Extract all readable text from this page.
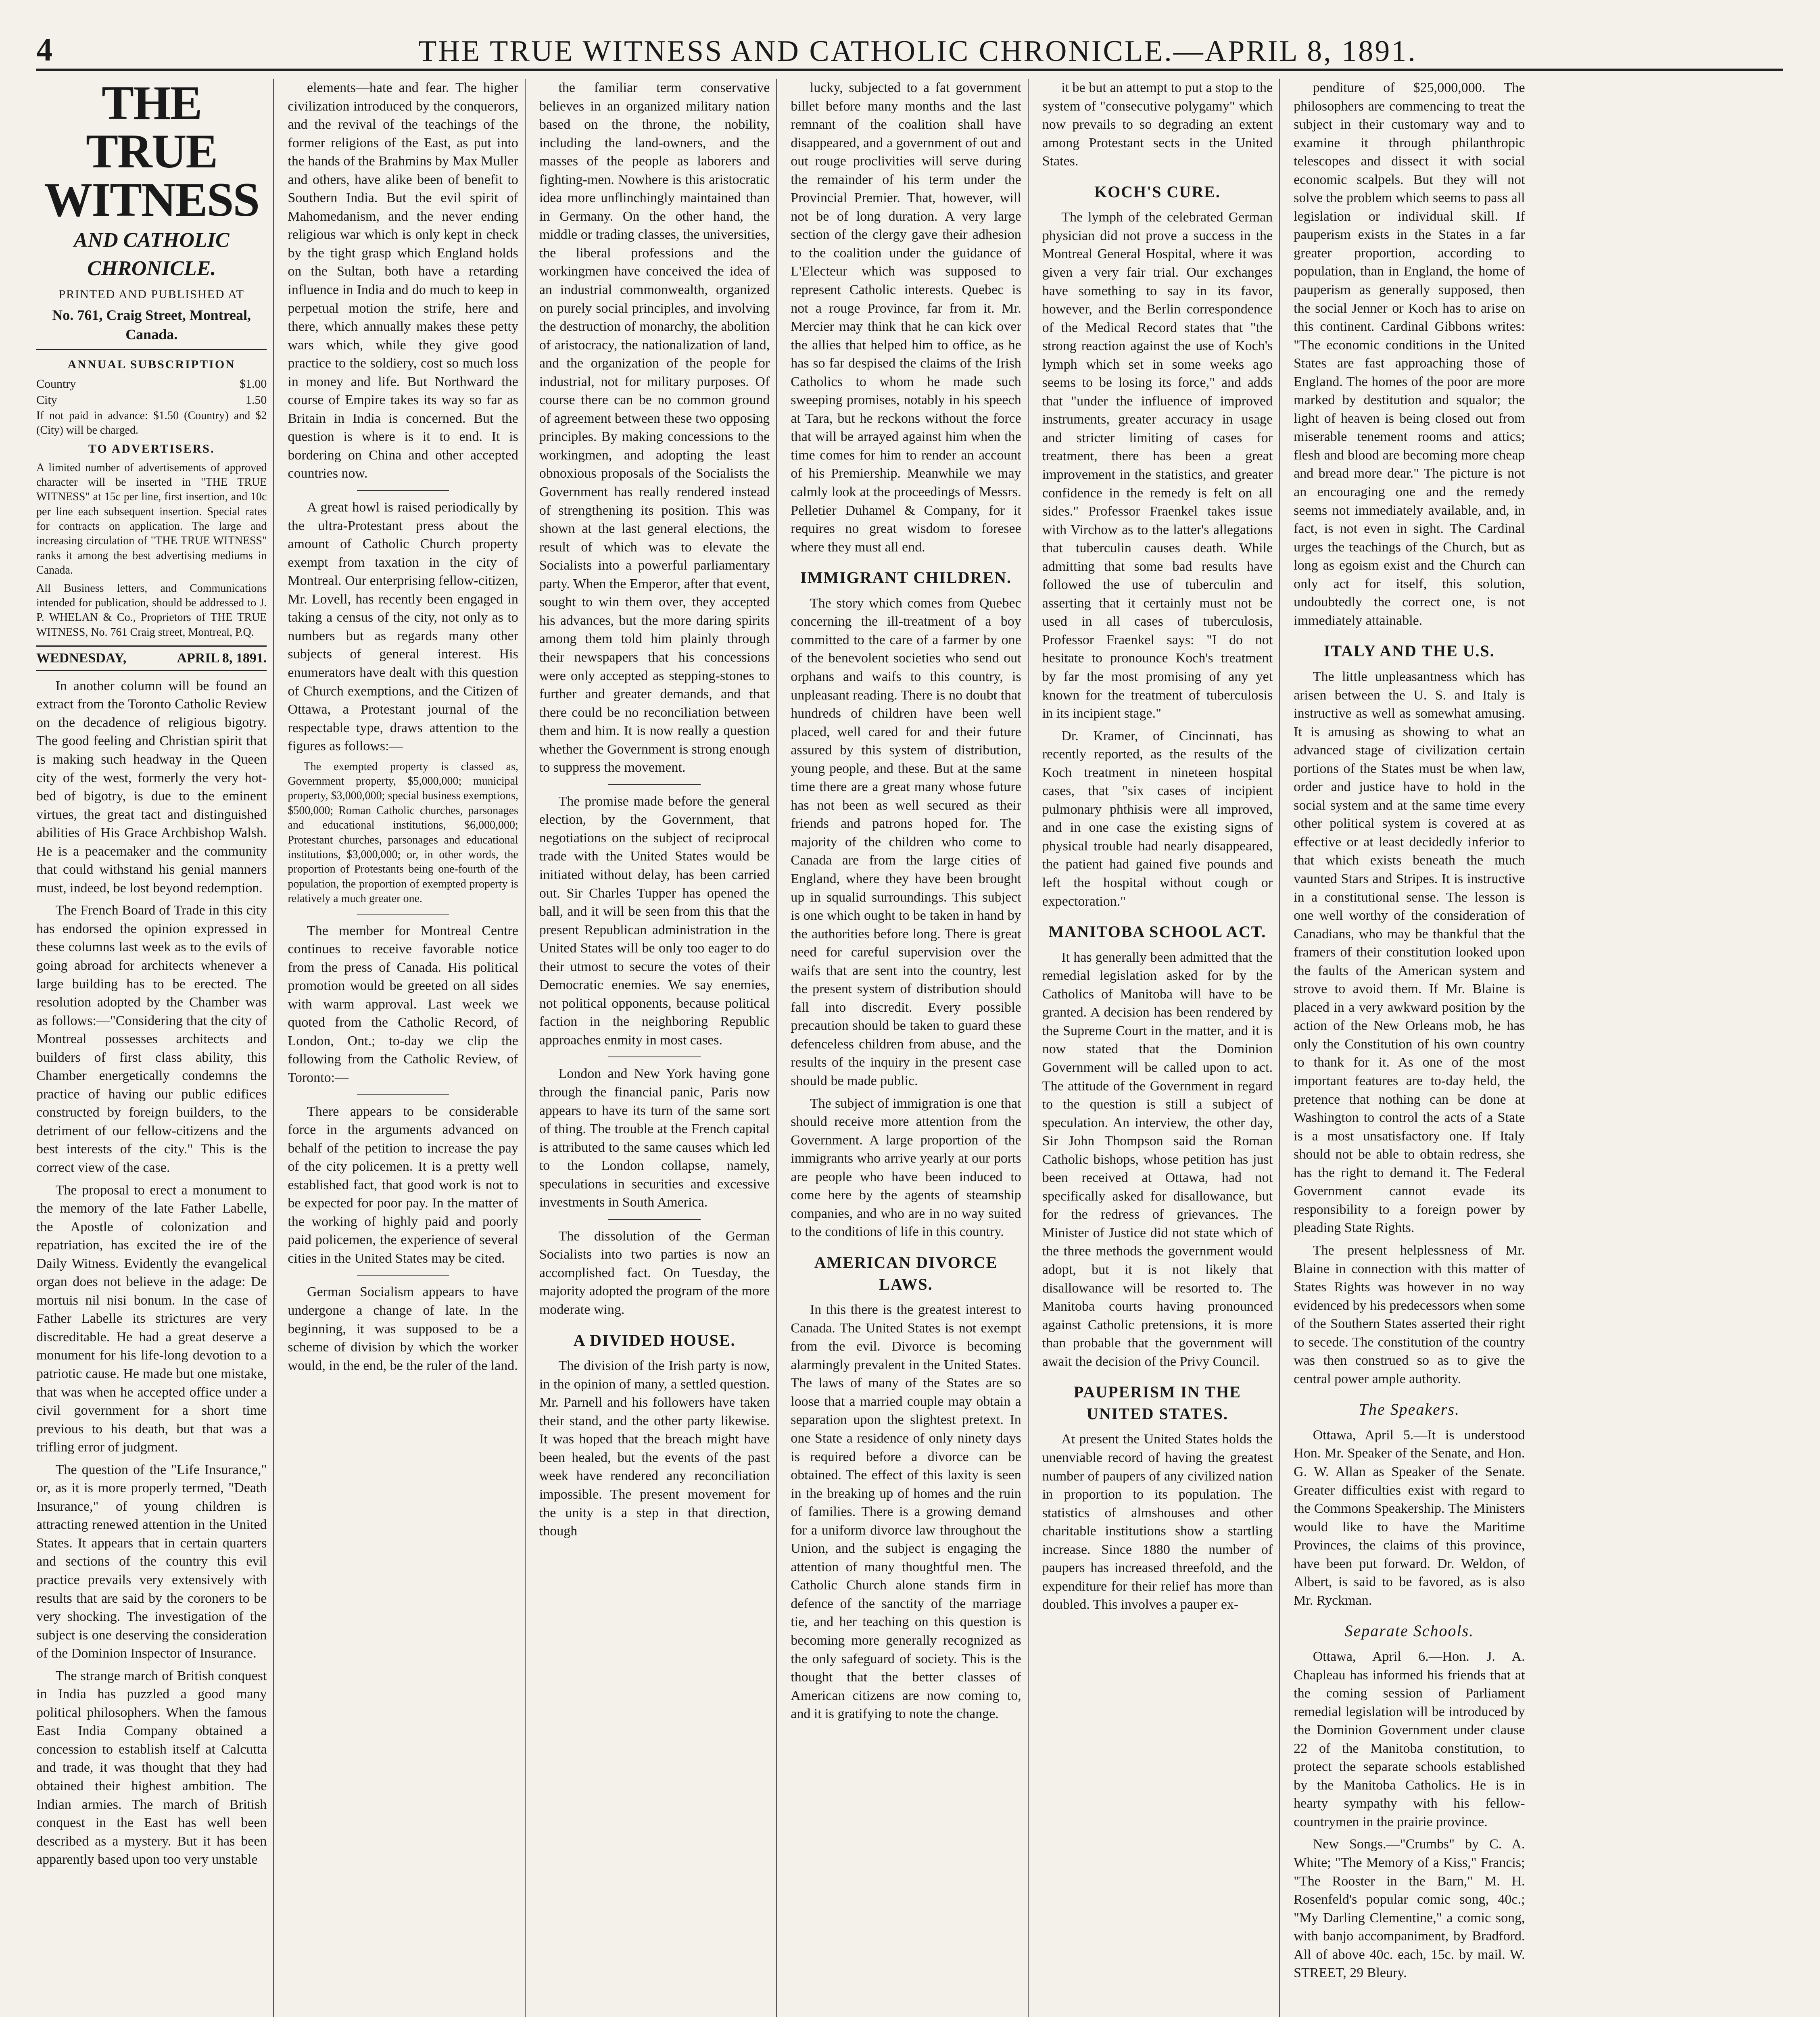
4	THE TRUE WITNESS AND CATHOLIC CHRONICLE.—APRIL 8, 1891.
THE TRUE WITNESS
AND CATHOLIC CHRONICLE.
PRINTED AND PUBLISHED AT
No. 761, Craig Street, Montreal, Canada.
ANNUAL SUBSCRIPTION
Country	$1.00
City	1.50
If not paid in advance: $1.50 (Country) and $2 (City) will be charged.
TO ADVERTISERS.
A limited number of advertisements of approved character will be inserted in "THE TRUE WITNESS" at 15c per line, first insertion, and 10c per line each subsequent insertion. Special rates for contracts on application. The large and increasing circulation of "THE TRUE WITNESS" ranks it among the best advertising mediums in Canada.
All Business letters, and Communications intended for publication, should be addressed to J. P. WHELAN & Co., Proprietors of THE TRUE WITNESS, No. 761 Craig street, Montreal, P.Q.
WEDNESDAY,	APRIL 8, 1891.

In another column will be found an extract from the Toronto Catholic Review on the decadence of religious bigotry. The good feeling and Christian spirit that is making such headway in the Queen city of the west, formerly the very hot-bed of bigotry, is due to the eminent virtues, the great tact and distinguished abilities of His Grace Archbishop Walsh. He is a peacemaker and the community that could withstand his genial manners must, indeed, be lost beyond redemption.

The French Board of Trade in this city has endorsed the opinion expressed in these columns last week as to the evils of going abroad for architects whenever a large building has to be erected. The resolution adopted by the Chamber was as follows:—"Considering that the city of Montreal possesses architects and builders of first class ability, this Chamber energetically condemns the practice of having our public edifices constructed by foreign builders, to the detriment of our fellow-citizens and the best interests of the city." This is the correct view of the case.

The proposal to erect a monument to the memory of the late Father Labelle, the Apostle of colonization and repatriation, has excited the ire of the Daily Witness. Evidently the evangelical organ does not believe in the adage: De mortuis nil nisi bonum. In the case of Father Labelle its strictures are very discreditable. He had a great deserve a monument for his life-long devotion to a patriotic cause. He made but one mistake, that was when he accepted office under a civil government for a short time previous to his death, but that was a trifling error of judgment.

The question of the "Life Insurance," or, as it is more properly termed, "Death Insurance," of young children is attracting renewed attention in the United States. It appears that in certain quarters and sections of the country this evil practice prevails very extensively with results that are said by the coroners to be very shocking. The investigation of the subject is one deserving the consideration of the Dominion Inspector of Insurance.

The strange march of British conquest in India has puzzled a good many political philosophers. When the famous East India Company obtained a concession to establish itself at Calcutta and trade, it was thought that they had obtained their highest ambition. The Indian armies. The march of British conquest in the East has well been described as a mystery. But it has been apparently based upon too very unstable

elements—hate and fear. The higher civilization introduced by the conquerors, and the revival of the teachings of the former religions of the East, as put into the hands of the Brahmins by Max Muller and others, have alike been of benefit to Southern India. But the evil spirit of Mahomedanism, and the never ending religious war which is only kept in check by the tight grasp which England holds on the Sultan, both have a retarding influence in India and do much to keep in perpetual motion the strife, here and there, which annually makes these petty wars which, while they give good practice to the soldiery, cost so much loss in money and life. But Northward the course of Empire takes its way so far as Britain in India is concerned. But the question is where is it to end. It is bordering on China and other accepted countries now.

A great howl is raised periodically by the ultra-Protestant press about the amount of Catholic Church property exempt from taxation in the city of Montreal. Our enterprising fellow-citizen, Mr. Lovell, has recently been engaged in taking a census of the city, not only as to numbers but as regards many other subjects of general interest. His enumerators have dealt with this question of Church exemptions, and the Citizen of Ottawa, a Protestant journal of the respectable type, draws attention to the figures as follows:—

The exempted property is classed as, Government property, $5,000,000; municipal property, $3,000,000; special business exemptions, $500,000; Roman Catholic churches, parsonages and educational institutions, $6,000,000; Protestant churches, parsonages and educational institutions, $3,000,000; or, in other words, the proportion of Protestants being one-fourth of the population, the proportion of exempted property is relatively a much greater one.

The member for Montreal Centre continues to receive favorable notice from the press of Canada. His political promotion would be greeted on all sides with warm approval. Last week we quoted from the Catholic Record, of London, Ont.; to-day we clip the following from the Catholic Review, of Toronto:—

There appears to be considerable force in the arguments advanced on behalf of the petition to increase the pay of the city policemen. It is a pretty well established fact, that good work is not to be expected for poor pay. In the matter of the working of highly paid and poorly paid policemen, the experience of several cities in the United States may be cited.

German Socialism appears to have undergone a change of late. In the beginning, it was supposed to be a scheme of division by which the worker would, in the end, be the ruler of the land.

the familiar term conservative believes in an organized military nation based on the throne, the nobility, including the land-owners, and the masses of the people as laborers and fighting-men. Nowhere is this aristocratic idea more unflinchingly maintained than in Germany. On the other hand, the middle or trading classes, the universities, the liberal professions and the workingmen have conceived the idea of an industrial commonwealth, organized on purely social principles, and involving the destruction of monarchy, the abolition of aristocracy, the nationalization of land, and the organization of the people for industrial, not for military purposes. Of course there can be no common ground of agreement between these two opposing principles. By making concessions to the workingmen, and adopting the least obnoxious proposals of the Socialists the Government has really rendered instead of strengthening its position. This was shown at the last general elections, the result of which was to elevate the Socialists into a powerful parliamentary party. When the Emperor, after that event, sought to win them over, they accepted his advances, but the more daring spirits among them told him plainly through their newspapers that his concessions were only accepted as stepping-stones to further and greater demands, and that there could be no reconciliation between them and him. It is now really a question whether the Government is strong enough to suppress the movement.

The promise made before the general election, by the Government, that negotiations on the subject of reciprocal trade with the United States would be initiated without delay, has been carried out. Sir Charles Tupper has opened the ball, and it will be seen from this that the present Republican administration in the United States will be only too eager to do their utmost to secure the votes of their Democratic enemies. We say enemies, not political opponents, because political faction in the neighboring Republic approaches enmity in most cases.

London and New York having gone through the financial panic, Paris now appears to have its turn of the same sort of thing. The trouble at the French capital is attributed to the same causes which led to the London collapse, namely, speculations in securities and excessive investments in South America.

The dissolution of the German Socialists into two parties is now an accomplished fact. On Tuesday, the majority adopted the program of the more moderate wing.

A DIVIDED HOUSE.

The division of the Irish party is now, in the opinion of many, a settled question. Mr. Parnell and his followers have taken their stand, and the other party likewise. It was hoped that the breach might have been healed, but the events of the past week have rendered any reconciliation impossible. The present movement for the unity is a step in that direction, though

lucky, subjected to a fat government billet before many months and the last remnant of the coalition shall have disappeared, and a government of out and out rouge proclivities will serve during the remainder of his term under the Provincial Premier. That, however, will not be of long duration. A very large section of the clergy gave their adhesion to the coalition under the guidance of L'Electeur which was supposed to represent Catholic interests. Quebec is not a rouge Province, far from it. Mr. Mercier may think that he can kick over the allies that helped him to office, as he has so far despised the claims of the Irish Catholics to whom he made such sweeping promises, notably in his speech at Tara, but he reckons without the force that will be arrayed against him when the time comes for him to render an account of his Premiership. Meanwhile we may calmly look at the proceedings of Messrs. Pelletier Duhamel & Company, for it requires no great wisdom to foresee where they must all end.

IMMIGRANT CHILDREN.

The story which comes from Quebec concerning the ill-treatment of a boy committed to the care of a farmer by one of the benevolent societies who send out orphans and waifs to this country, is unpleasant reading. There is no doubt that hundreds of children have been well placed, well cared for and their future assured by this system of distribution, young people, and these. But at the same time there are a great many whose future has not been as well secured as their friends and patrons hoped for. The majority of the children who come to Canada are from the large cities of England, where they have been brought up in squalid surroundings. This subject is one which ought to be taken in hand by the authorities before long. There is great need for careful supervision over the waifs that are sent into the country, lest the present system of distribution should fall into discredit. Every possible precaution should be taken to guard these defenceless children from abuse, and the results of the inquiry in the present case should be made public.

The subject of immigration is one that should receive more attention from the Government. A large proportion of the immigrants who arrive yearly at our ports are people who have been induced to come here by the agents of steamship companies, and who are in no way suited to the conditions of life in this country.

AMERICAN DIVORCE LAWS.

In this there is the greatest interest to Canada. The United States is not exempt from the evil. Divorce is becoming alarmingly prevalent in the United States. The laws of many of the States are so loose that a married couple may obtain a separation upon the slightest pretext. In one State a residence of only ninety days is required before a divorce can be obtained. The effect of this laxity is seen in the breaking up of homes and the ruin of families. There is a growing demand for a uniform divorce law throughout the Union, and the subject is engaging the attention of many thoughtful men. The Catholic Church alone stands firm in defence of the sanctity of the marriage tie, and her teaching on this question is becoming more generally recognized as the only safeguard of society. This is the thought that the better classes of American citizens are now coming to, and it is gratifying to note the change.

it be but an attempt to put a stop to the system of "consecutive polygamy" which now prevails to so degrading an extent among Protestant sects in the United States.

KOCH'S CURE.

The lymph of the celebrated German physician did not prove a success in the Montreal General Hospital, where it was given a very fair trial. Our exchanges have something to say in its favor, however, and the Berlin correspondence of the Medical Record states that "the strong reaction against the use of Koch's lymph which set in some weeks ago seems to be losing its force," and adds that "under the influence of improved instruments, greater accuracy in usage and stricter limiting of cases for treatment, there has been a great improvement in the statistics, and greater confidence in the remedy is felt on all sides." Professor Fraenkel takes issue with Virchow as to the latter's allegations that tuberculin causes death. While admitting that some bad results have followed the use of tuberculin and asserting that it certainly must not be used in all cases of tuberculosis, Professor Fraenkel says: "I do not hesitate to pronounce Koch's treatment by far the most promising of any yet known for the treatment of tuberculosis in its incipient stage."

Dr. Kramer, of Cincinnati, has recently reported, as the results of the Koch treatment in nineteen hospital cases, that "six cases of incipient pulmonary phthisis were all improved, and in one case the existing signs of physical trouble had nearly disappeared, the patient had gained five pounds and left the hospital without cough or expectoration."

MANITOBA SCHOOL ACT.

It has generally been admitted that the remedial legislation asked for by the Catholics of Manitoba will have to be granted. A decision has been rendered by the Supreme Court in the matter, and it is now stated that the Dominion Government will be called upon to act. The attitude of the Government in regard to the question is still a subject of speculation. An interview, the other day, Sir John Thompson said the Roman Catholic bishops, whose petition has just been received at Ottawa, had not specifically asked for disallowance, but for the redress of grievances. The Minister of Justice did not state which of the three methods the government would adopt, but it is not likely that disallowance will be resorted to. The Manitoba courts having pronounced against Catholic pretensions, it is more than probable that the government will await the decision of the Privy Council.

PAUPERISM IN THE UNITED STATES.

At present the United States holds the unenviable record of having the greatest number of paupers of any civilized nation in proportion to its population. The statistics of almshouses and other charitable institutions show a startling increase. Since 1880 the number of paupers has increased threefold, and the expenditure for their relief has more than doubled. This involves a pauper ex-

penditure of $25,000,000. The philosophers are commencing to treat the subject in their customary way and to examine it through philanthropic telescopes and dissect it with social economic scalpels. But they will not solve the problem which seems to pass all legislation or individual skill. If pauperism exists in the States in a far greater proportion, according to population, than in England, the home of pauperism as generally supposed, then the social Jenner or Koch has to arise on this continent. Cardinal Gibbons writes: "The economic conditions in the United States are fast approaching those of England. The homes of the poor are more marked by destitution and squalor; the light of heaven is being closed out from miserable tenement rooms and attics; flesh and blood are becoming more cheap and bread more dear." The picture is not an encouraging one and the remedy seems not immediately available, and, in fact, is not even in sight. The Cardinal urges the teachings of the Church, but as long as egoism exist and the Church can only act for itself, this solution, undoubtedly the correct one, is not immediately attainable.

ITALY AND THE U.S.

The little unpleasantness which has arisen between the U. S. and Italy is instructive as well as somewhat amusing. It is amusing as showing to what an advanced stage of civilization certain portions of the States must be when law, order and justice have to hold in the social system and at the same time every other political system is covered at as effective or at least decidedly inferior to that which exists beneath the much vaunted Stars and Stripes. It is instructive in a constitutional sense. The lesson is one well worthy of the consideration of Canadians, who may be thankful that the framers of their constitution looked upon the faults of the American system and strove to avoid them. If Mr. Blaine is placed in a very awkward position by the action of the New Orleans mob, he has only the Constitution of his own country to thank for it. As one of the most important features are to-day held, the pretence that nothing can be done at Washington to control the acts of a State is a most unsatisfactory one. If Italy should not be able to obtain redress, she has the right to demand it. The Federal Government cannot evade its responsibility to a foreign power by pleading State Rights.

The present helplessness of Mr. Blaine in connection with this matter of States Rights was however in no way evidenced by his predecessors when some of the Southern States asserted their right to secede. The constitution of the country was then construed so as to give the central power ample authority.

The Speakers.

Ottawa, April 5.—It is understood Hon. Mr. Speaker of the Senate, and Hon. G. W. Allan as Speaker of the Senate. Greater difficulties exist with regard to the Commons Speakership. The Ministers would like to have the Maritime Provinces, the claims of this province, have been put forward. Dr. Weldon, of Albert, is said to be favored, as is also Mr. Ryckman.

Separate Schools.

Ottawa, April 6.—Hon. J. A. Chapleau has informed his friends that at the coming session of Parliament remedial legislation will be introduced by the Dominion Government under clause 22 of the Manitoba constitution, to protect the separate schools established by the Manitoba Catholics. He is in hearty sympathy with his fellow-countrymen in the prairie province.

New Songs.—"Crumbs" by C. A. White; "The Memory of a Kiss," Francis; "The Rooster in the Barn," M. H. Rosenfeld's popular comic song, 40c.; "My Darling Clementine," a comic song, with banjo accompaniment, by Bradford. All of above 40c. each, 15c. by mail. W. STREET, 29 Bleury.
